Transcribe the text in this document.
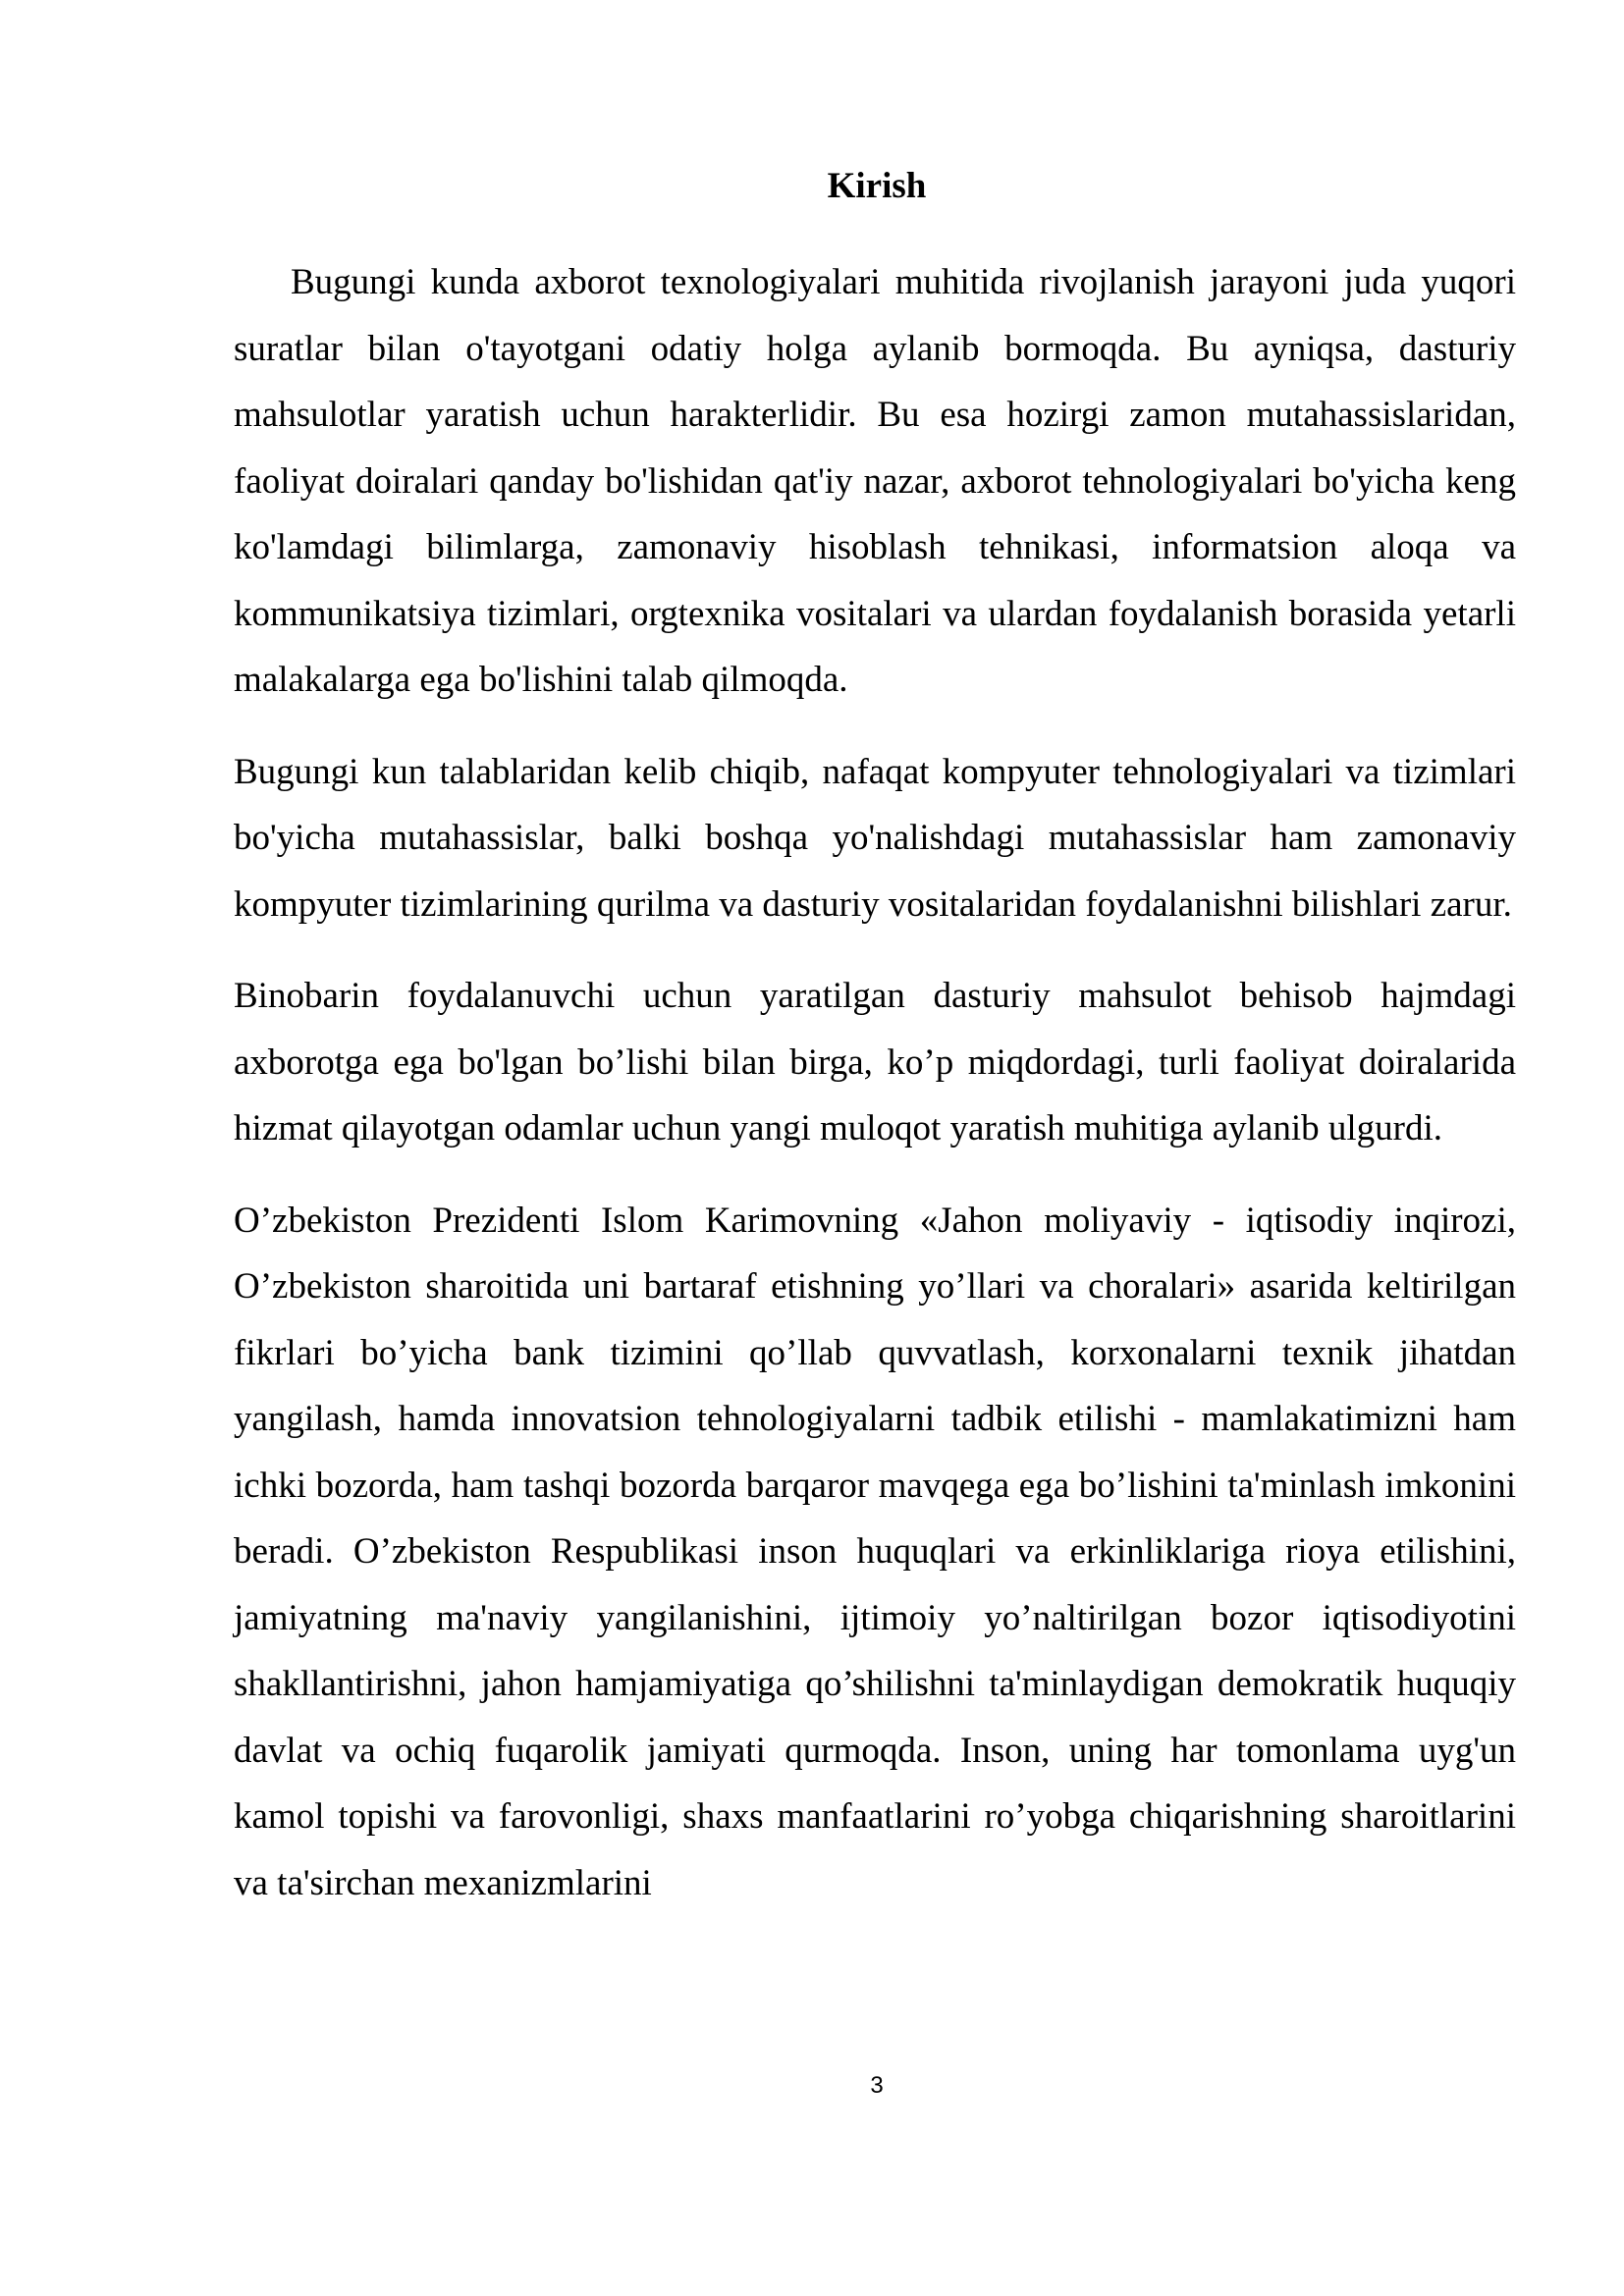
Kirish

Bugungi kunda axborot texnologiyalari muhitida rivojlanish jarayoni juda yuqori suratlar bilan o'tayotgani odatiy holga aylanib bormoqda. Bu ayniqsa, dasturiy mahsulotlar yaratish uchun harakterlidir. Bu esa hozirgi zamon mutahassislaridan, faoliyat doiralari qanday bo'lishidan qat'iy nazar, axborot tehnologiyalari bo'yicha keng ko'lamdagi bilimlarga, zamonaviy hisoblash tehnikasi, informatsion aloqa va kommunikatsiya tizimlari, orgtexnika vositalari va ulardan foydalanish borasida yetarli malakalarga ega bo'lishini talab qilmoqda.

Bugungi kun talablaridan kelib chiqib, nafaqat kompyuter tehnologiyalari va tizimlari bo'yicha mutahassislar, balki boshqa yo'nalishdagi mutahassislar ham zamonaviy kompyuter tizimlarining qurilma va dasturiy vositalaridan foydalanishni bilishlari zarur.

Binobarin foydalanuvchi uchun yaratilgan dasturiy mahsulot behisob hajmdagi axborotga ega bo'lgan bo’lishi bilan birga, ko’p miqdordagi, turli faoliyat doiralarida hizmat qilayotgan odamlar uchun yangi muloqot yaratish muhitiga aylanib ulgurdi.

O’zbekiston Prezidenti Islom Karimovning «Jahon moliyaviy - iqtisodiy inqirozi, O’zbekiston sharoitida uni bartaraf etishning yo’llari va choralari» asarida keltirilgan fikrlari bo’yicha bank tizimini qo’llab quvvatlash, korxonalarni texnik jihatdan yangilash, hamda innovatsion tehnologiyalarni tadbik etilishi - mamlakatimizni ham ichki bozorda, ham tashqi bozorda barqaror mavqega ega bo’lishini ta'minlash imkonini beradi. O’zbekiston Respublikasi inson huquqlari va erkinliklariga rioya etilishini, jamiyatning ma'naviy yangilanishini, ijtimoiy yo’naltirilgan bozor iqtisodiyotini shakllantirishni, jahon hamjamiyatiga qo’shilishni ta'minlaydigan demokratik huquqiy davlat va ochiq fuqarolik jamiyati qurmoqda. Inson, uning har tomonlama uyg'un kamol topishi va farovonligi, shaxs manfaatlarini ro’yobga chiqarishning sharoitlarini va ta'sirchan mexanizmlarini

3
